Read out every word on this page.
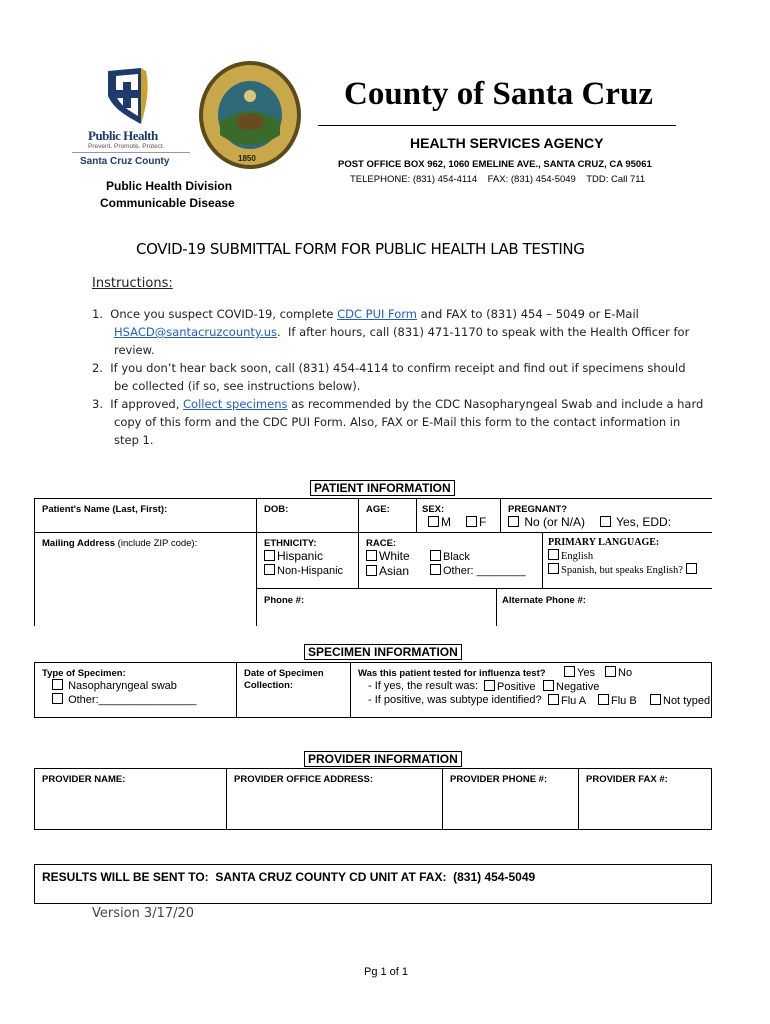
Public Health
Prevent. Promote. Protect.
Santa Cruz County	1850
County of Santa Cruz
HEALTH SERVICES AGENCY
POST OFFICE BOX 962, 1060 EMELINE AVE., SANTA CRUZ, CA 95061
TELEPHONE: (831) 454-4114    FAX: (831) 454-5049    TDD: Call 711
Public Health Division
Communicable Disease
COVID-19 SUBMITTAL FORM FOR PUBLIC HEALTH LAB TESTING
Instructions:
1.  Once you suspect COVID-19, complete CDC PUI Form and FAX to (831) 454 – 5049 or E-Mail
HSACD@santacruzcounty.us.  If after hours, call (831) 471-1170 to speak with the Health Officer for
review.
2.  If you don’t hear back soon, call (831) 454-4114 to confirm receipt and find out if specimens should
be collected (if so, see instructions below).
3.  If approved, Collect specimens as recommended by the CDC Nasopharyngeal Swab and include a hard
copy of this form and the CDC PUI Form. Also, FAX or E-Mail this form to the contact information in
step 1.
PATIENT INFORMATION
Patient's Name (Last, First):	DOB:	AGE:	SEX:
M	F
PREGNANT?
No (or N/A)	Yes, EDD:
Mailing Address (include ZIP code):	ETHNICITY:
Hispanic
Non-Hispanic
RACE:
White
Asian
Black
Other: ________
PRIMARY LANGUAGE:
English
Spanish, but speaks English?
Phone #:	Alternate Phone #:
SPECIMEN INFORMATION
Type of Specimen:
Nasopharyngeal swab
Other:________________
Date of Specimen
Collection:
Was this patient tested for influenza test?	Yes	No
- If yes, the result was:	Positive	Negative
- If positive, was subtype identified?	Flu A	Flu B	Not typed
PROVIDER INFORMATION
PROVIDER NAME:	PROVIDER OFFICE ADDRESS:	PROVIDER PHONE #:	PROVIDER FAX #:
RESULTS WILL BE SENT TO:  SANTA CRUZ COUNTY CD UNIT AT FAX:  (831) 454-5049
Version 3/17/20
Pg 1 of 1
